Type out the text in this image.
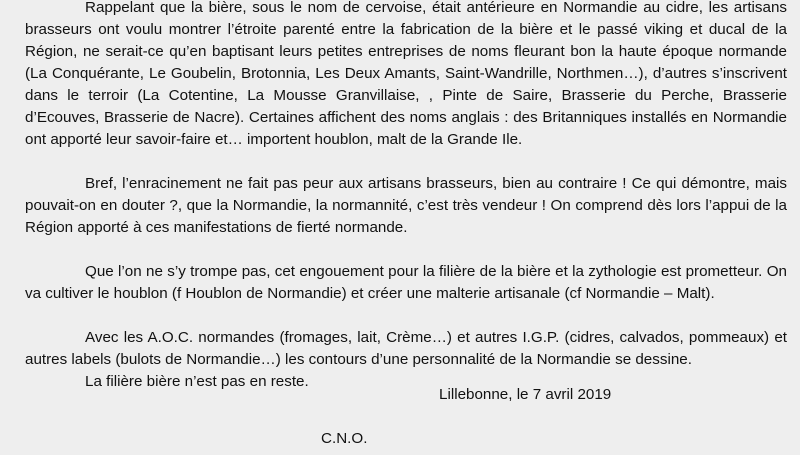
Rappelant que la bière, sous le nom de cervoise, était antérieure en Normandie au cidre, les artisans brasseurs ont voulu montrer l’étroite parenté entre la fabrication de la bière et le passé viking et ducal de la Région, ne serait-ce qu’en baptisant leurs petites entreprises de noms fleurant bon la haute époque normande (La Conquérante, Le Goubelin, Brotonnia, Les Deux Amants, Saint-Wandrille, Northmen…), d’autres s’inscrivent dans le terroir (La Cotentine, La Mousse Granvillaise, , Pinte de Saire, Brasserie du Perche, Brasserie d’Ecouves, Brasserie de Nacre). Certaines affichent des noms anglais : des Britanniques installés en Normandie ont apporté leur savoir-faire et… importent houblon, malt de la Grande Ile.

Bref, l’enracinement ne fait pas peur aux artisans brasseurs, bien au contraire ! Ce qui démontre, mais pouvait-on en douter ?, que la Normandie, la normannité, c’est très vendeur ! On comprend dès lors l’appui de la Région apporté à ces manifestations de fierté normande.

Que l’on ne s’y trompe pas, cet engouement pour la filière de la bière et la zythologie est prometteur. On va cultiver le houblon (f Houblon de Normandie) et créer une malterie artisanale (cf Normandie – Malt).

Avec les A.O.C. normandes (fromages, lait, Crème…) et autres I.G.P. (cidres, calvados, pommeaux) et autres labels (bulots de Normandie…) les contours d’une personnalité de la Normandie se dessine.

La filière bière n’est pas en reste.

Lillebonne, le 7 avril 2019
C.N.O.
